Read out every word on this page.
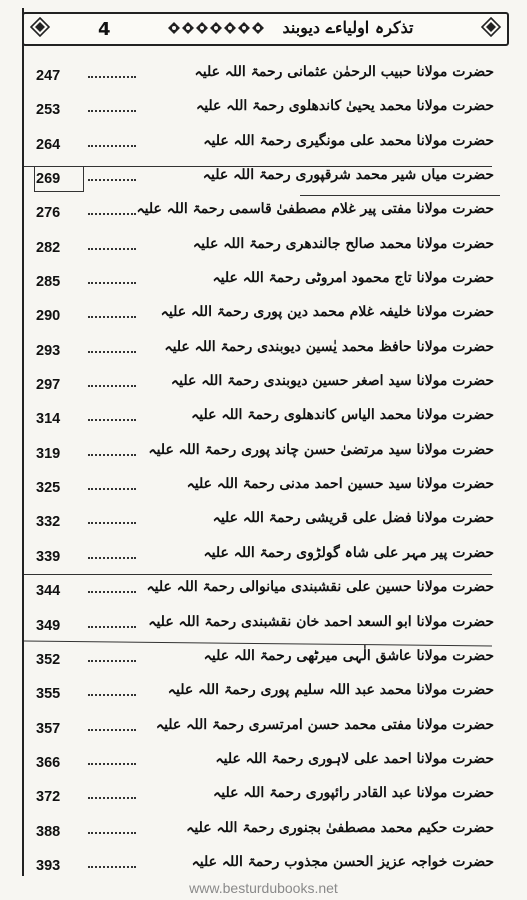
4	تذکرہ اولیاءے دیوبند
247	حضرت مولانا حبیب الرحمٰن عثمانی رحمۃ اللہ علیہ
253	حضرت مولانا محمد یحییٰ کاندھلوی رحمۃ اللہ علیہ
264	حضرت مولانا محمد علی مونگیری رحمۃ اللہ علیہ
269	حضرت میاں شیر محمد شرقپوری رحمۃ اللہ علیہ
276	حضرت مولانا مفتی پیر غلام مصطفیٰ قاسمی رحمۃ اللہ علیہ
282	حضرت مولانا محمد صالح جالندھری رحمۃ اللہ علیہ
285	حضرت مولانا تاج محمود امروٹی رحمۃ اللہ علیہ
290	حضرت مولانا خلیفہ غلام محمد دین پوری رحمۃ اللہ علیہ
293	حضرت مولانا حافظ محمد یٰسین دیوبندی رحمۃ اللہ علیہ
297	حضرت مولانا سید اصغر حسین دیوبندی رحمۃ اللہ علیہ
314	حضرت مولانا محمد الیاس کاندھلوی رحمۃ اللہ علیہ
319	حضرت مولانا سید مرتضیٰ حسن چاند پوری رحمۃ اللہ علیہ
325	حضرت مولانا سید حسین احمد مدنی رحمۃ اللہ علیہ
332	حضرت مولانا فضل علی قریشی رحمۃ اللہ علیہ
339	حضرت پیر مہر علی شاہ گولڑوی رحمۃ اللہ علیہ
344	حضرت مولانا حسین علی نقشبندی میانوالی رحمۃ اللہ علیہ
349	حضرت مولانا ابو السعد احمد خان نقشبندی رحمۃ اللہ علیہ
352	حضرت مولانا عاشق الٰہی میرٹھی رحمۃ اللہ علیہ
355	حضرت مولانا محمد عبد اللہ سلیم پوری رحمۃ اللہ علیہ
357	حضرت مولانا مفتی محمد حسن امرتسری رحمۃ اللہ علیہ
366	حضرت مولانا احمد علی لاہوری رحمۃ اللہ علیہ
372	حضرت مولانا عبد القادر رائپوری رحمۃ اللہ علیہ
388	حضرت حکیم محمد مصطفیٰ بجنوری رحمۃ اللہ علیہ
393	حضرت خواجہ عزیز الحسن مجذوب رحمۃ اللہ علیہ
www.besturdubooks.net
